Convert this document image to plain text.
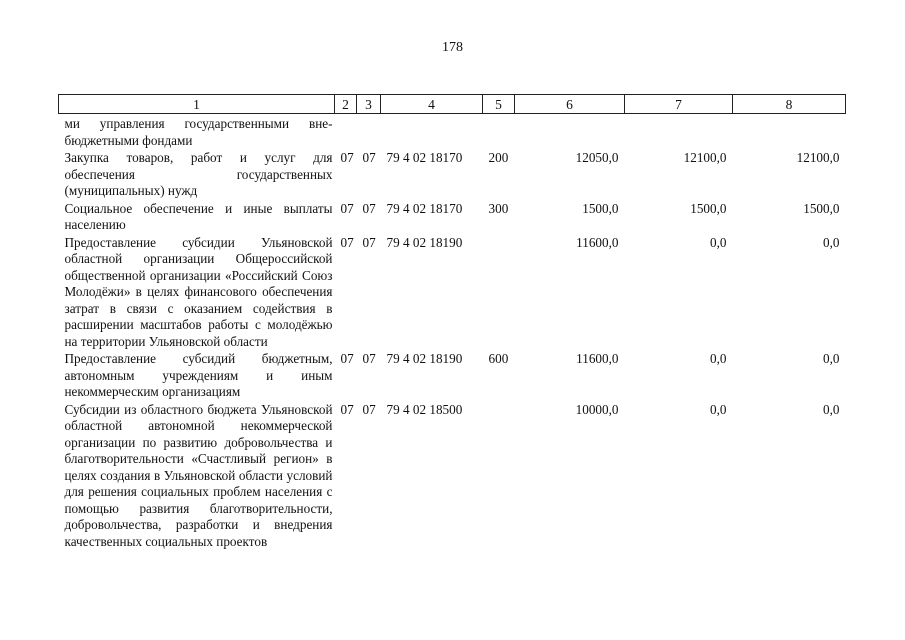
178
1	2	3	4	5	6	7	8
ми управления государственными вне-бюджетными фондами							
Закупка товаров, работ и услуг для обеспечения государственных (муниципальных) нужд	07	07	79 4 02 18170	200	12050,0	12100,0	12100,0
Социальное обеспечение и иные выплаты населению	07	07	79 4 02 18170	300	1500,0	1500,0	1500,0
Предоставление субсидии Ульяновской областной организации Общероссийской общественной организации «Российский Союз Молодёжи» в целях финансового обеспечения затрат в связи с оказанием содействия в расширении масштабов работы с молодёжью на территории Ульяновской области	07	07	79 4 02 18190		11600,0	0,0	0,0
Предоставление субсидий бюджетным, автономным учреждениям и иным некоммерческим организациям	07	07	79 4 02 18190	600	11600,0	0,0	0,0
Субсидии из областного бюджета Ульяновской областной автономной некоммерческой организации по развитию добровольчества и благотворительности «Счастливый регион» в целях создания в Ульяновской области условий для решения социальных проблем населения с помощью развития благотворительности, добровольчества, разработки и внедрения качественных социальных проектов	07	07	79 4 02 18500		10000,0	0,0	0,0
